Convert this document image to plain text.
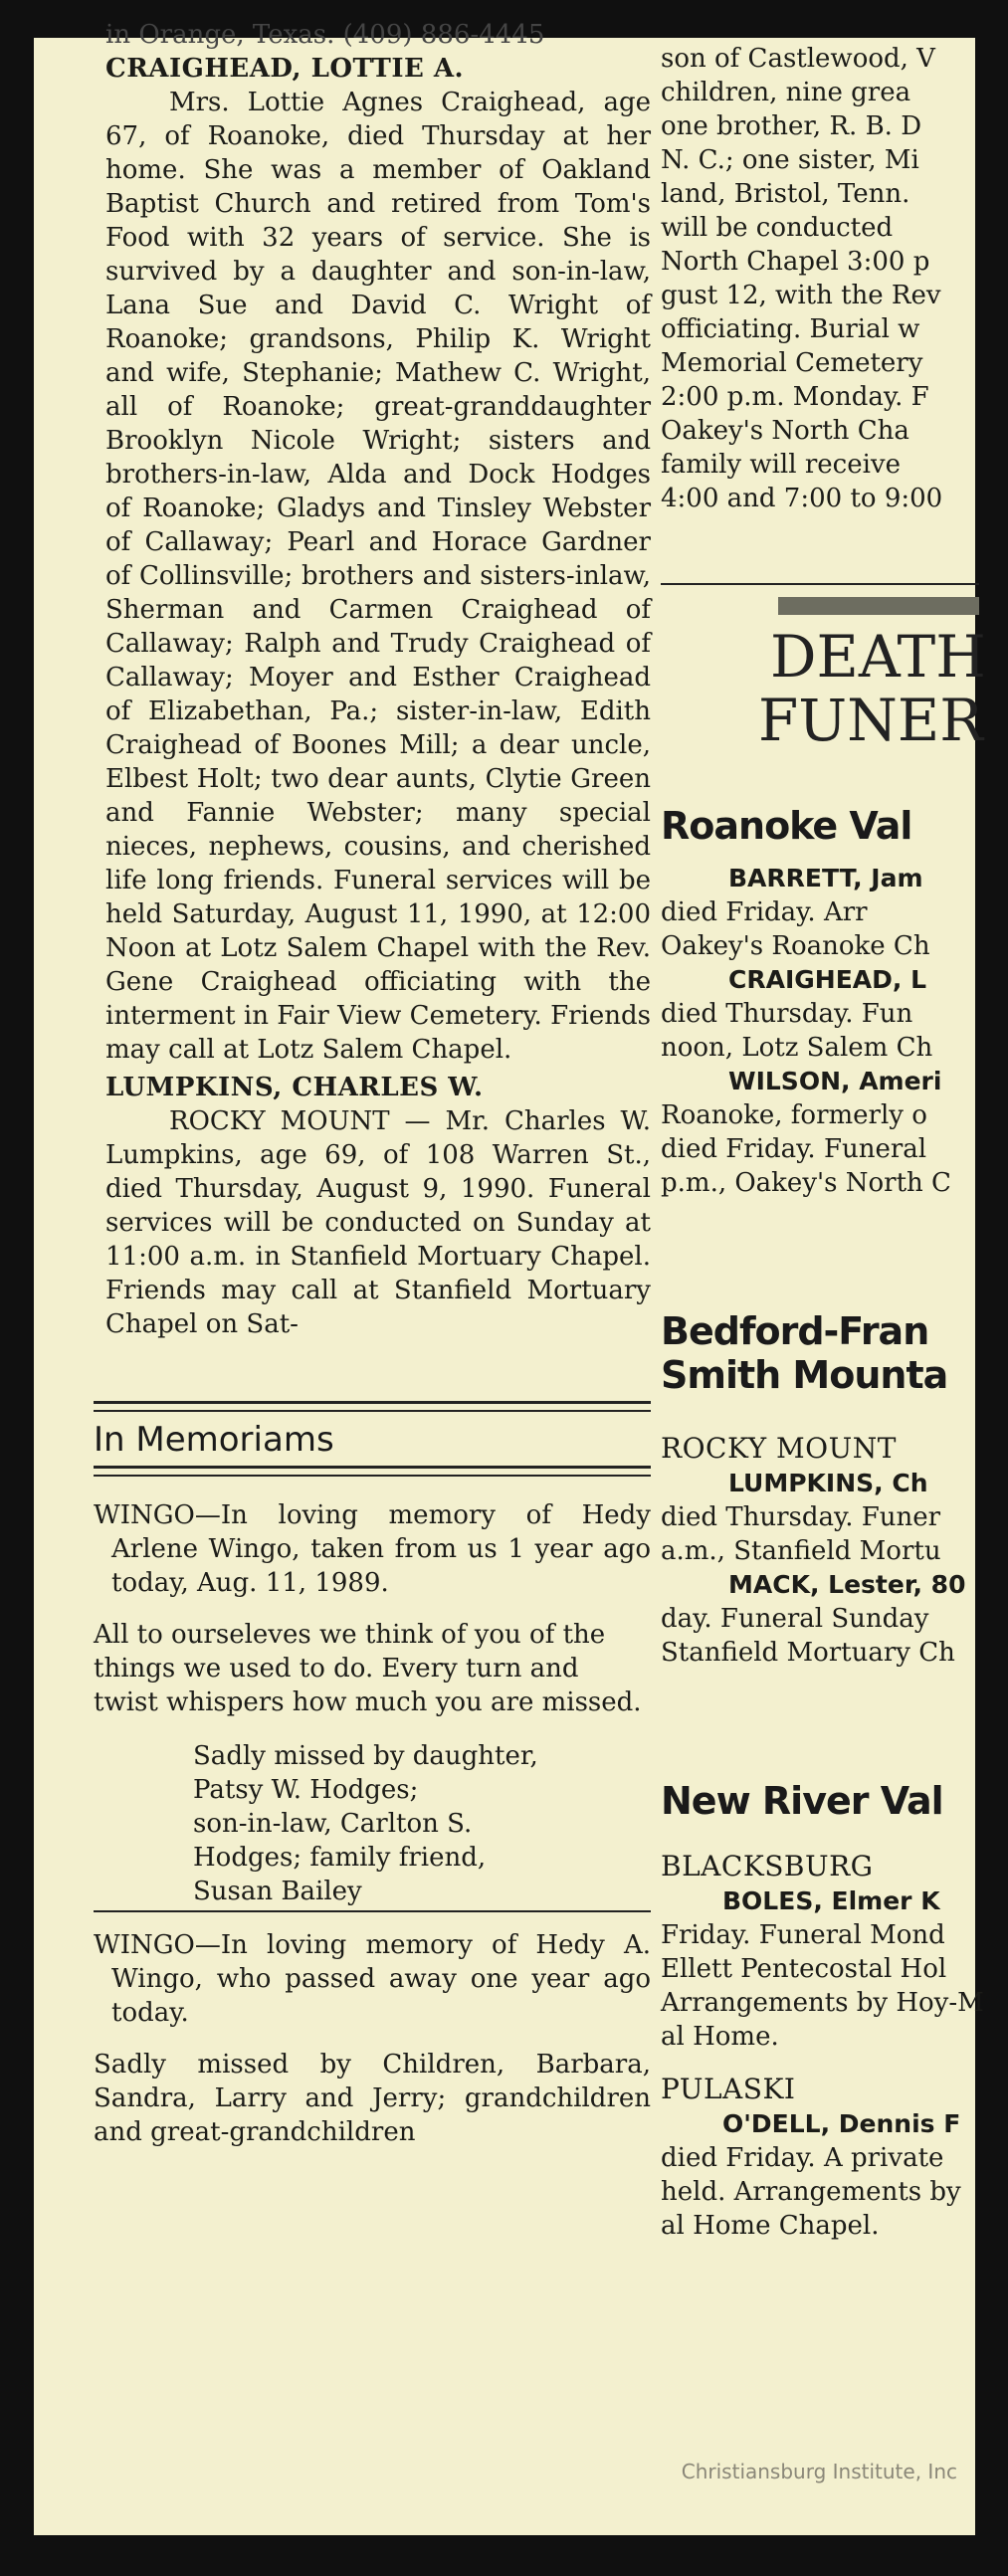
in Orange, Texas. (409) 886-4445
CRAIGHEAD, LOTTIE A.

Mrs. Lottie Agnes Craighead, age 67, of Roanoke, died Thursday at her home. She was a member of Oakland Baptist Church and retired from Tom's Food with 32 years of service. She is survived by a daughter and son-in-law, Lana Sue and David C. Wright of Roanoke; grandsons, Philip K. Wright and wife, Stephanie; Mathew C. Wright, all of Roanoke; great-granddaughter Brooklyn Nicole Wright; sisters and brothers-in-law, Alda and Dock Hodges of Roanoke; Gladys and Tinsley Webster of Callaway; Pearl and Horace Gardner of Collinsville; brothers and sisters-inlaw, Sherman and Carmen Craighead of Callaway; Ralph and Trudy Craighead of Callaway; Moyer and Esther Craighead of Elizabethan, Pa.; sister-in-law, Edith Craighead of Boones Mill; a dear uncle, Elbest Holt; two dear aunts, Clytie Green and Fannie Webster; many special nieces, nephews, cousins, and cherished life long friends. Funeral services will be held Saturday, August 11, 1990, at 12:00 Noon at Lotz Salem Chapel with the Rev. Gene Craighead officiating with the interment in Fair View Cemetery. Friends may call at Lotz Salem Chapel.

LUMPKINS, CHARLES W.

ROCKY MOUNT — Mr. Charles W. Lumpkins, age 69, of 108 Warren St., died Thursday, August 9, 1990. Funeral services will be conducted on Sunday at 11:00 a.m. in Stanfield Mortuary Chapel. Friends may call at Stanfield Mortuary Chapel on Sat-

In Memoriams

WINGO—In loving memory of Hedy Arlene Wingo, taken from us 1 year ago today, Aug. 11, 1989.

All to ourseleves we think of you of the things we used to do. Every turn and twist whispers how much you are missed.

Sadly missed by daughter,
Patsy W. Hodges;
son-in-law, Carlton S.
Hodges; family friend,
Susan Bailey

WINGO—In loving memory of Hedy A. Wingo, who passed away one year ago today.

Sadly missed by Children, Barbara, Sandra, Larry and Jerry; grandchildren and great-grandchildren

son of Castlewood, V
children, nine grea
one brother, R. B. D
N. C.; one sister, Mi
land, Bristol, Tenn.
will be conducted
North Chapel 3:00 p
gust 12, with the Rev
officiating. Burial w
Memorial Cemetery
2:00 p.m. Monday. F
Oakey's North Cha
family will receive
4:00 and 7:00 to 9:00
DEATH
FUNER
Roanoke Val
BARRETT, Jam
died Friday. Arr
Oakey's Roanoke Ch
CRAIGHEAD, L
died Thursday. Fun
noon, Lotz Salem Ch
WILSON, Ameri
Roanoke, formerly o
died Friday. Funeral
p.m., Oakey's North C
Bedford-Fran
Smith Mounta
ROCKY MOUNT
LUMPKINS, Ch
died Thursday. Funer
a.m., Stanfield Mortu
MACK, Lester, 80
day. Funeral Sunday
Stanfield Mortuary Ch
New River Val
BLACKSBURG
BOLES, Elmer K
Friday. Funeral Mond
Ellett Pentecostal Hol
Arrangements by Hoy-M
al Home.
PULASKI
O'DELL, Dennis F
died Friday. A private
held. Arrangements by
al Home Chapel.
Christiansburg Institute, Inc
